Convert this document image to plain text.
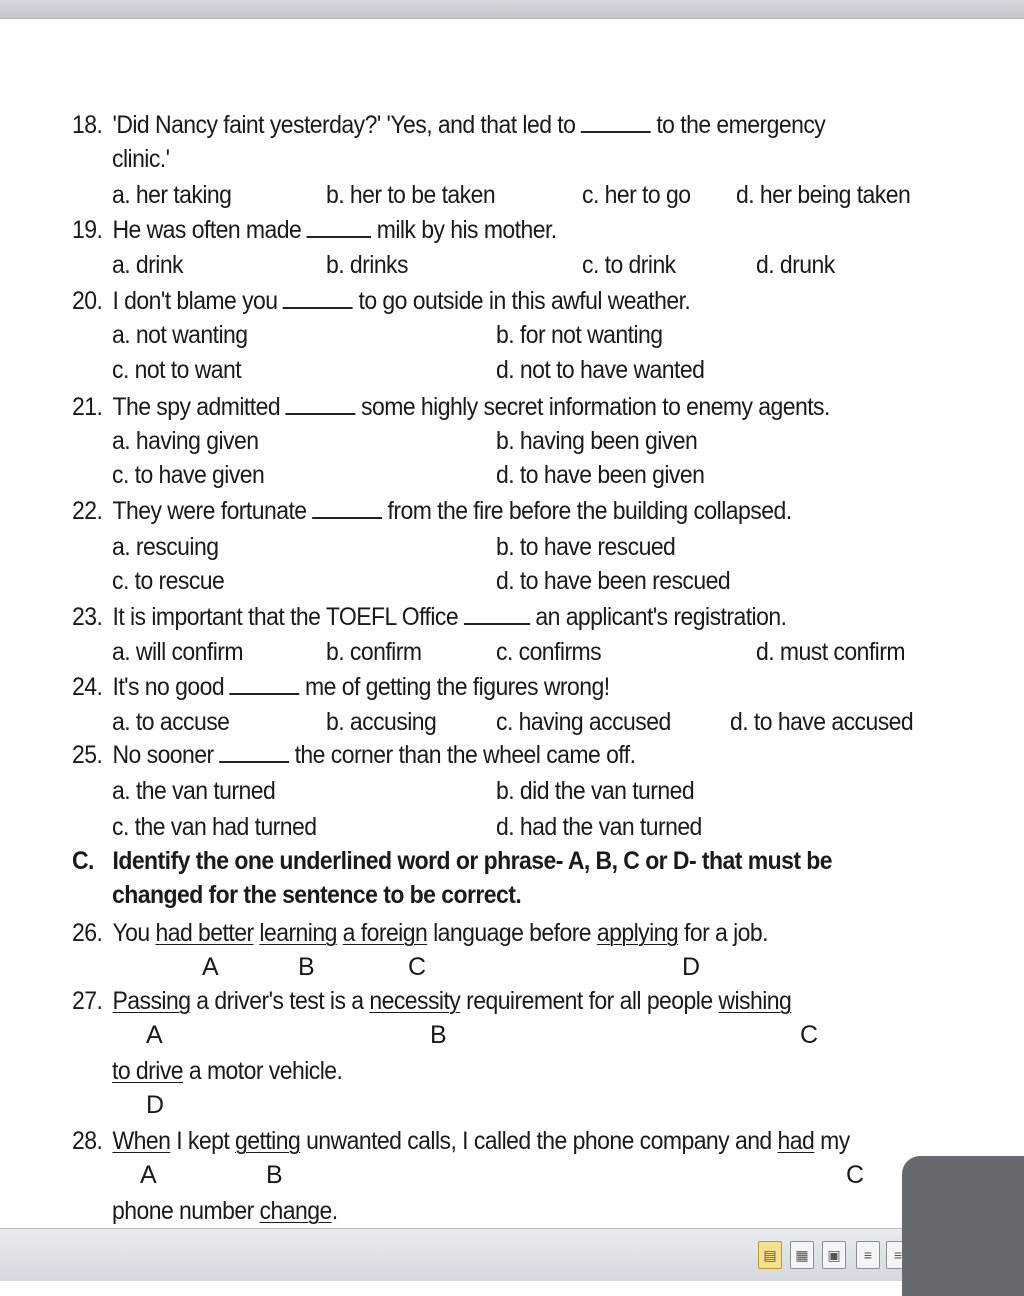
18. 'Did Nancy faint yesterday?' 'Yes, and that led to	to the emergency
clinic.'
a. her taking	b. her to be taken	c. her to go d. her being taken
19. He was often made	milk by his mother.
a. drink	b. drinks	c. to drink	d. drunk
20. I don't blame you	to go outside in this awful weather.
a. not wanting	b. for not wanting
c. not to want	d. not to have wanted
21. The spy admitted	some highly secret information to enemy agents.
a. having given	b. having been given
c. to have given	d. to have been given
22. They were fortunate	from the fire before the building collapsed.
a. rescuing	b. to have rescued
c. to rescue	d. to have been rescued
23. It is important that the TOEFL Office	an applicant's registration.
a. will confirm	b. confirm	c. confirms	d. must confirm
24. It's no good	me of getting the figures wrong!
a. to accuse	b. accusing c. having accused d. to have accused
25. No sooner	the corner than the wheel came off.
a. the van turned	b. did the van turned
c. the van had turned	d. had the van turned
C. Identify the one underlined word or phrase- A, B, C or D- that must be
changed for the sentence to be correct.
26. You had better learning a foreign language before applying for a job.
A	B	C	D
27. Passing a driver's test is a necessity requirement for all people wishing
A	B	C
to drive a motor vehicle.
D
28. When I kept getting unwanted calls, I called the phone company and had my
A	B	C
phone number change.
▤	▦	▣	≡	≡
